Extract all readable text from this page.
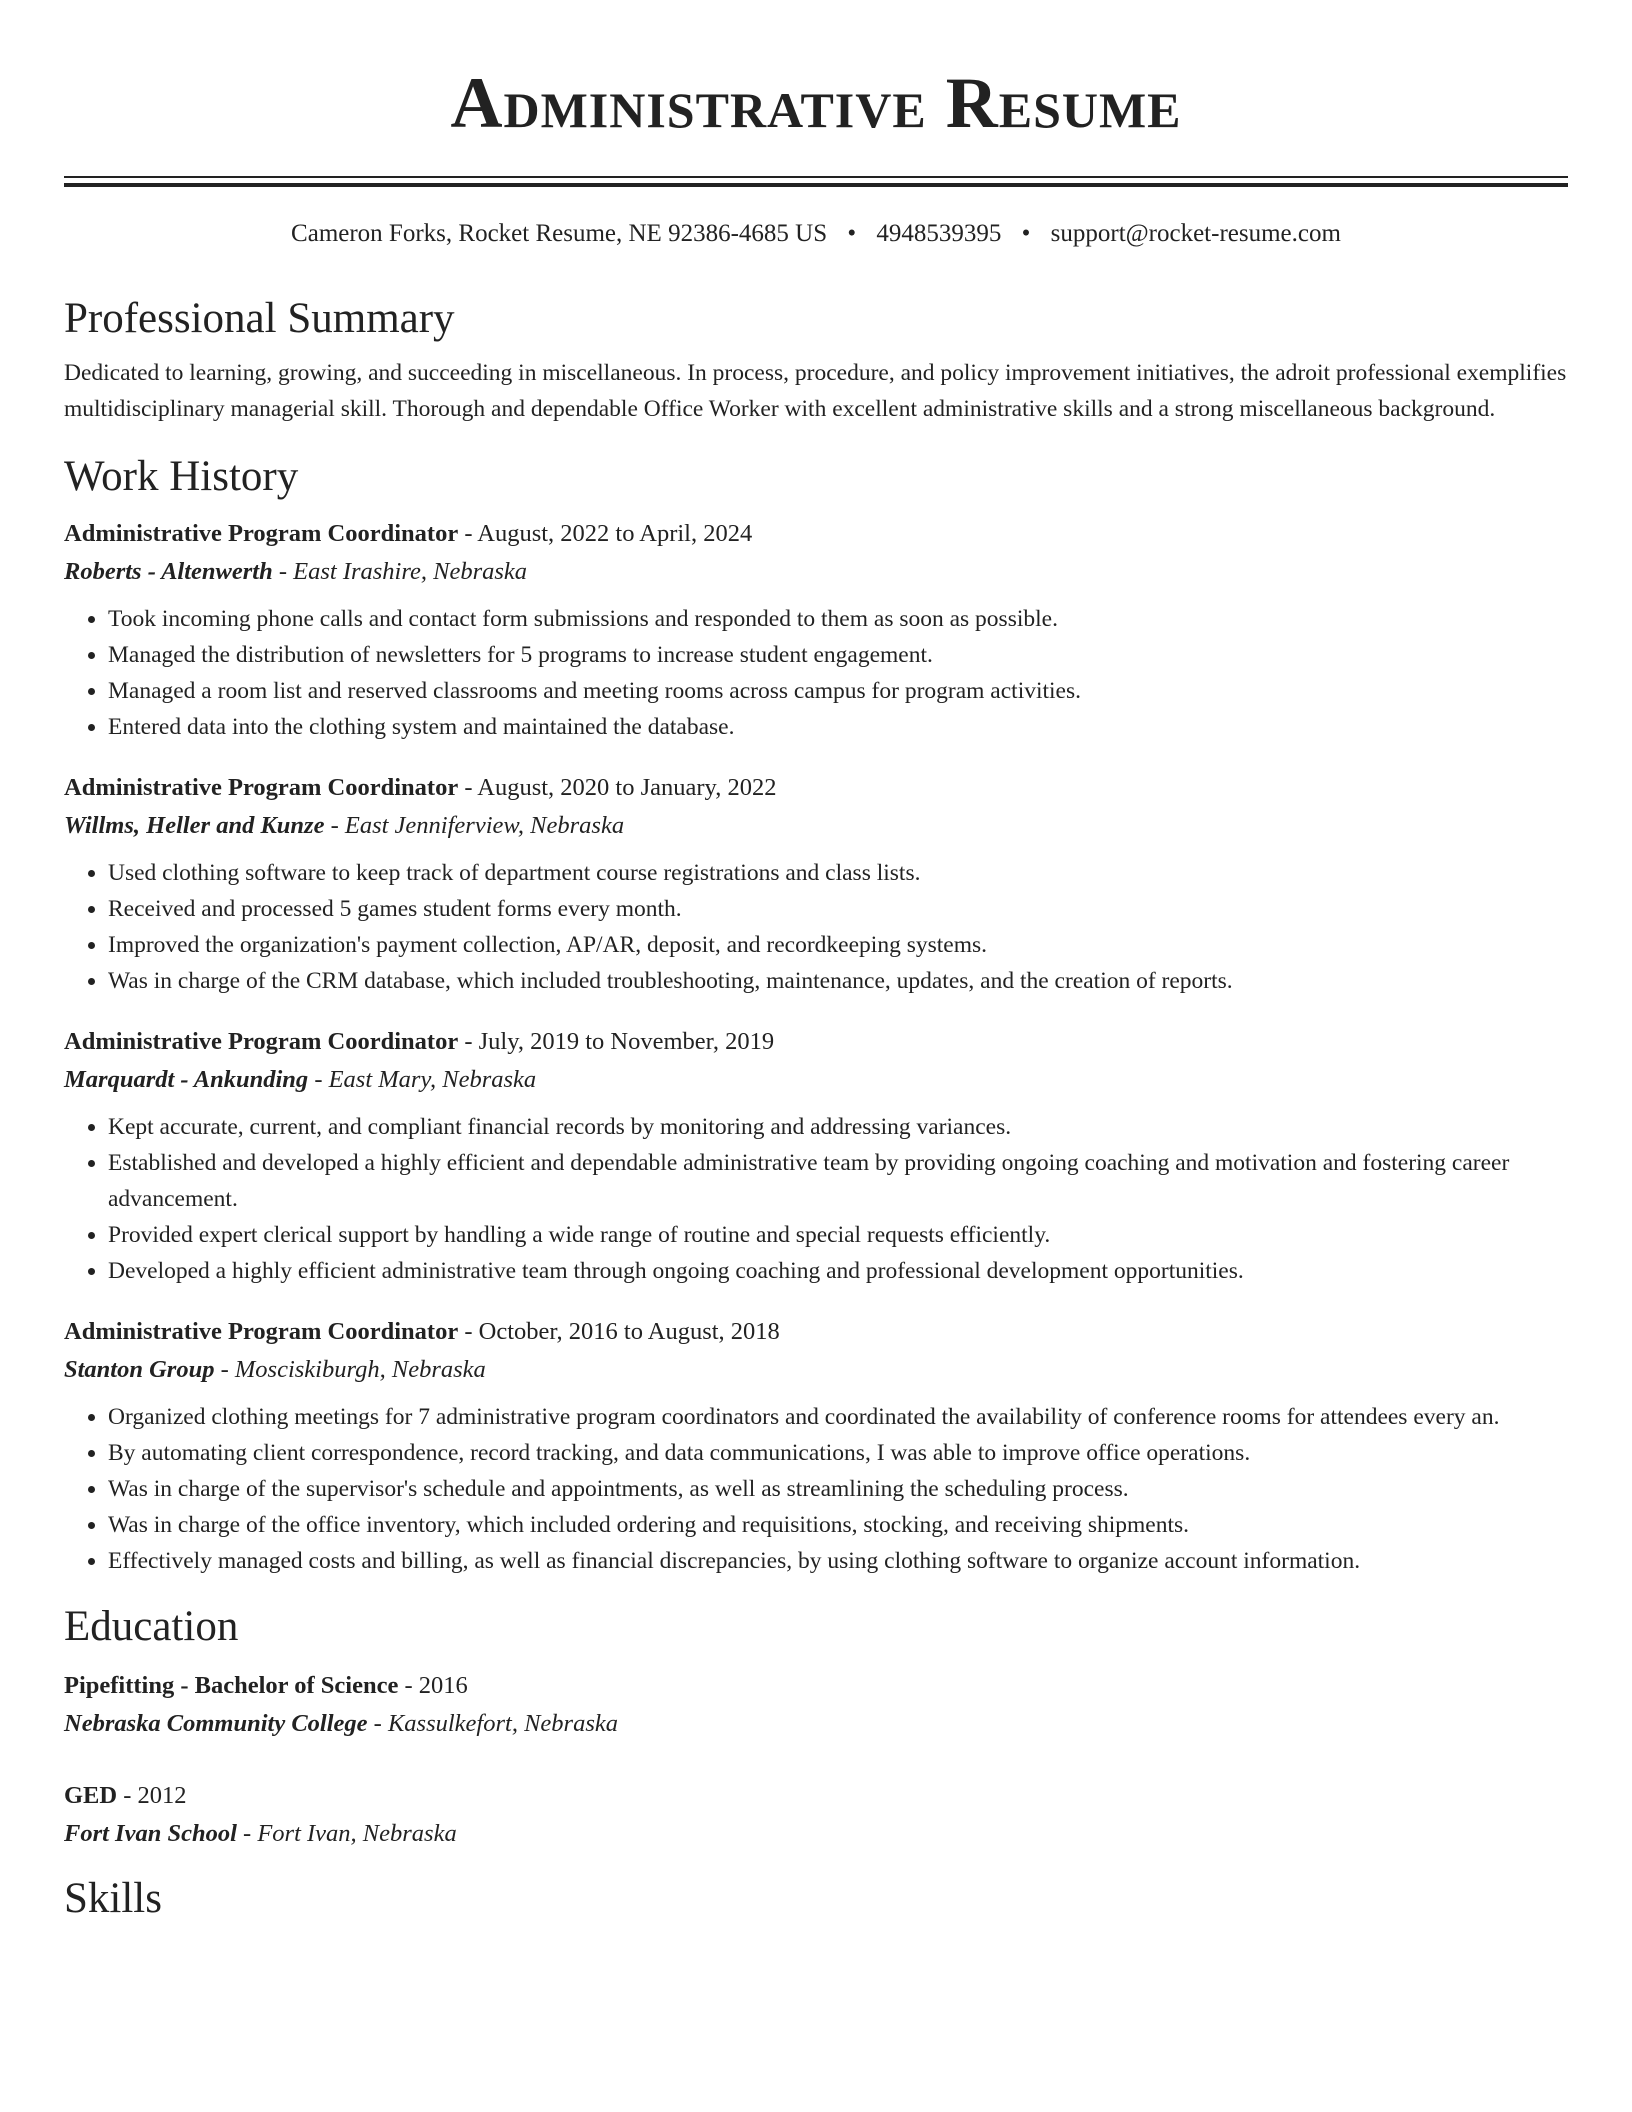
Administrative Resume
Cameron Forks, Rocket Resume, NE 92386-4685 US • 4948539395 • support@rocket-resume.com
Professional Summary
Dedicated to learning, growing, and succeeding in miscellaneous. In process, procedure, and policy improvement initiatives, the adroit professional exemplifies multidisciplinary managerial skill. Thorough and dependable Office Worker with excellent administrative skills and a strong miscellaneous background.
Work History
Administrative Program Coordinator - August, 2022 to April, 2024
Roberts - Altenwerth - East Irashire, Nebraska
• Took incoming phone calls and contact form submissions and responded to them as soon as possible.
• Managed the distribution of newsletters for 5 programs to increase student engagement.
• Managed a room list and reserved classrooms and meeting rooms across campus for program activities.
• Entered data into the clothing system and maintained the database.
Administrative Program Coordinator - August, 2020 to January, 2022
Willms, Heller and Kunze - East Jenniferview, Nebraska
• Used clothing software to keep track of department course registrations and class lists.
• Received and processed 5 games student forms every month.
• Improved the organization's payment collection, AP/AR, deposit, and recordkeeping systems.
• Was in charge of the CRM database, which included troubleshooting, maintenance, updates, and the creation of reports.
Administrative Program Coordinator - July, 2019 to November, 2019
Marquardt - Ankunding - East Mary, Nebraska
• Kept accurate, current, and compliant financial records by monitoring and addressing variances.
• Established and developed a highly efficient and dependable administrative team by providing ongoing coaching and motivation and fostering career advancement.
• Provided expert clerical support by handling a wide range of routine and special requests efficiently.
• Developed a highly efficient administrative team through ongoing coaching and professional development opportunities.
Administrative Program Coordinator - October, 2016 to August, 2018
Stanton Group - Mosciskiburgh, Nebraska
• Organized clothing meetings for 7 administrative program coordinators and coordinated the availability of conference rooms for attendees every an.
• By automating client correspondence, record tracking, and data communications, I was able to improve office operations.
• Was in charge of the supervisor's schedule and appointments, as well as streamlining the scheduling process.
• Was in charge of the office inventory, which included ordering and requisitions, stocking, and receiving shipments.
• Effectively managed costs and billing, as well as financial discrepancies, by using clothing software to organize account information.
Education
Pipefitting - Bachelor of Science - 2016
Nebraska Community College - Kassulkefort, Nebraska
GED - 2012
Fort Ivan School - Fort Ivan, Nebraska
Skills
